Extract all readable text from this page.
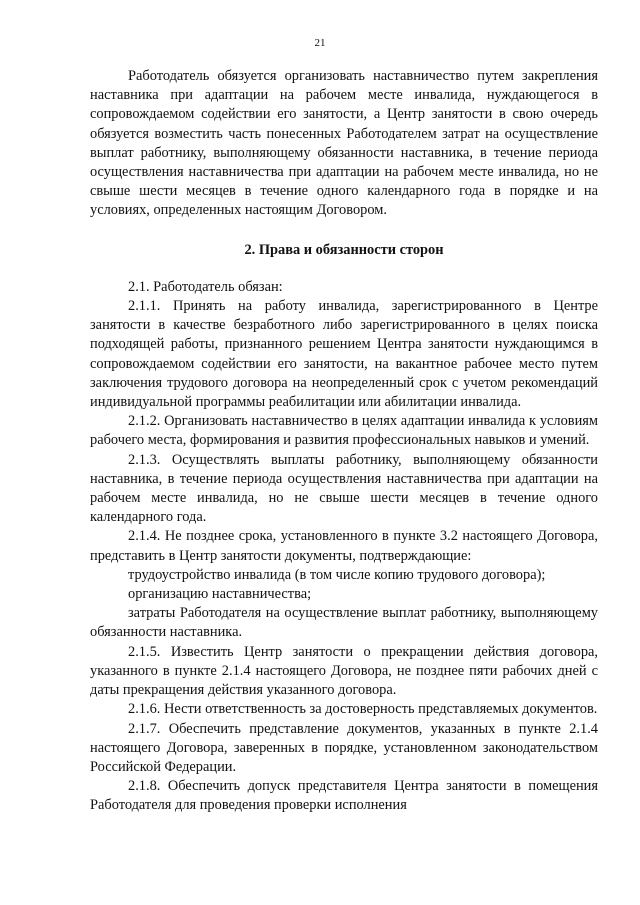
21

Работодатель обязуется организовать наставничество путем закрепления наставника при адаптации на рабочем месте инвалида, нуждающегося в сопровождаемом содействии его занятости, а Центр занятости в свою очередь обязуется возместить часть понесенных Работодателем затрат на осуществление выплат работнику, выполняющему обязанности наставника, в течение периода осуществления наставничества при адаптации на рабочем месте инвалида, но не свыше шести месяцев в течение одного календарного года в порядке и на условиях, определенных настоящим Договором.

2. Права и обязанности сторон

2.1. Работодатель обязан:

2.1.1. Принять на работу инвалида, зарегистрированного в Центре занятости в качестве безработного либо зарегистрированного в целях поиска подходящей работы, признанного решением Центра занятости нуждающимся в сопровождаемом содействии его занятости, на вакантное рабочее место путем заключения трудового договора на неопределенный срок с учетом рекомендаций индивидуальной программы реабилитации или абилитации инвалида.

2.1.2. Организовать наставничество в целях адаптации инвалида к условиям рабочего места, формирования и развития профессиональных навыков и умений.

2.1.3. Осуществлять выплаты работнику, выполняющему обязанности наставника, в течение периода осуществления наставничества при адаптации на рабочем месте инвалида, но не свыше шести месяцев в течение одного календарного года.

2.1.4. Не позднее срока, установленного в пункте 3.2 настоящего Договора, представить в Центр занятости документы, подтверждающие:

трудоустройство инвалида (в том числе копию трудового договора);

организацию наставничества;

затраты Работодателя на осуществление выплат работнику, выполняющему обязанности наставника.

2.1.5. Известить Центр занятости о прекращении действия договора, указанного в пункте 2.1.4 настоящего Договора, не позднее пяти рабочих дней с даты прекращения действия указанного договора.

2.1.6. Нести ответственность за достоверность представляемых документов.

2.1.7. Обеспечить представление документов, указанных в пункте 2.1.4 настоящего Договора, заверенных в порядке, установленном законодательством Российской Федерации.

2.1.8. Обеспечить допуск представителя Центра занятости в помещения Работодателя для проведения проверки исполнения
